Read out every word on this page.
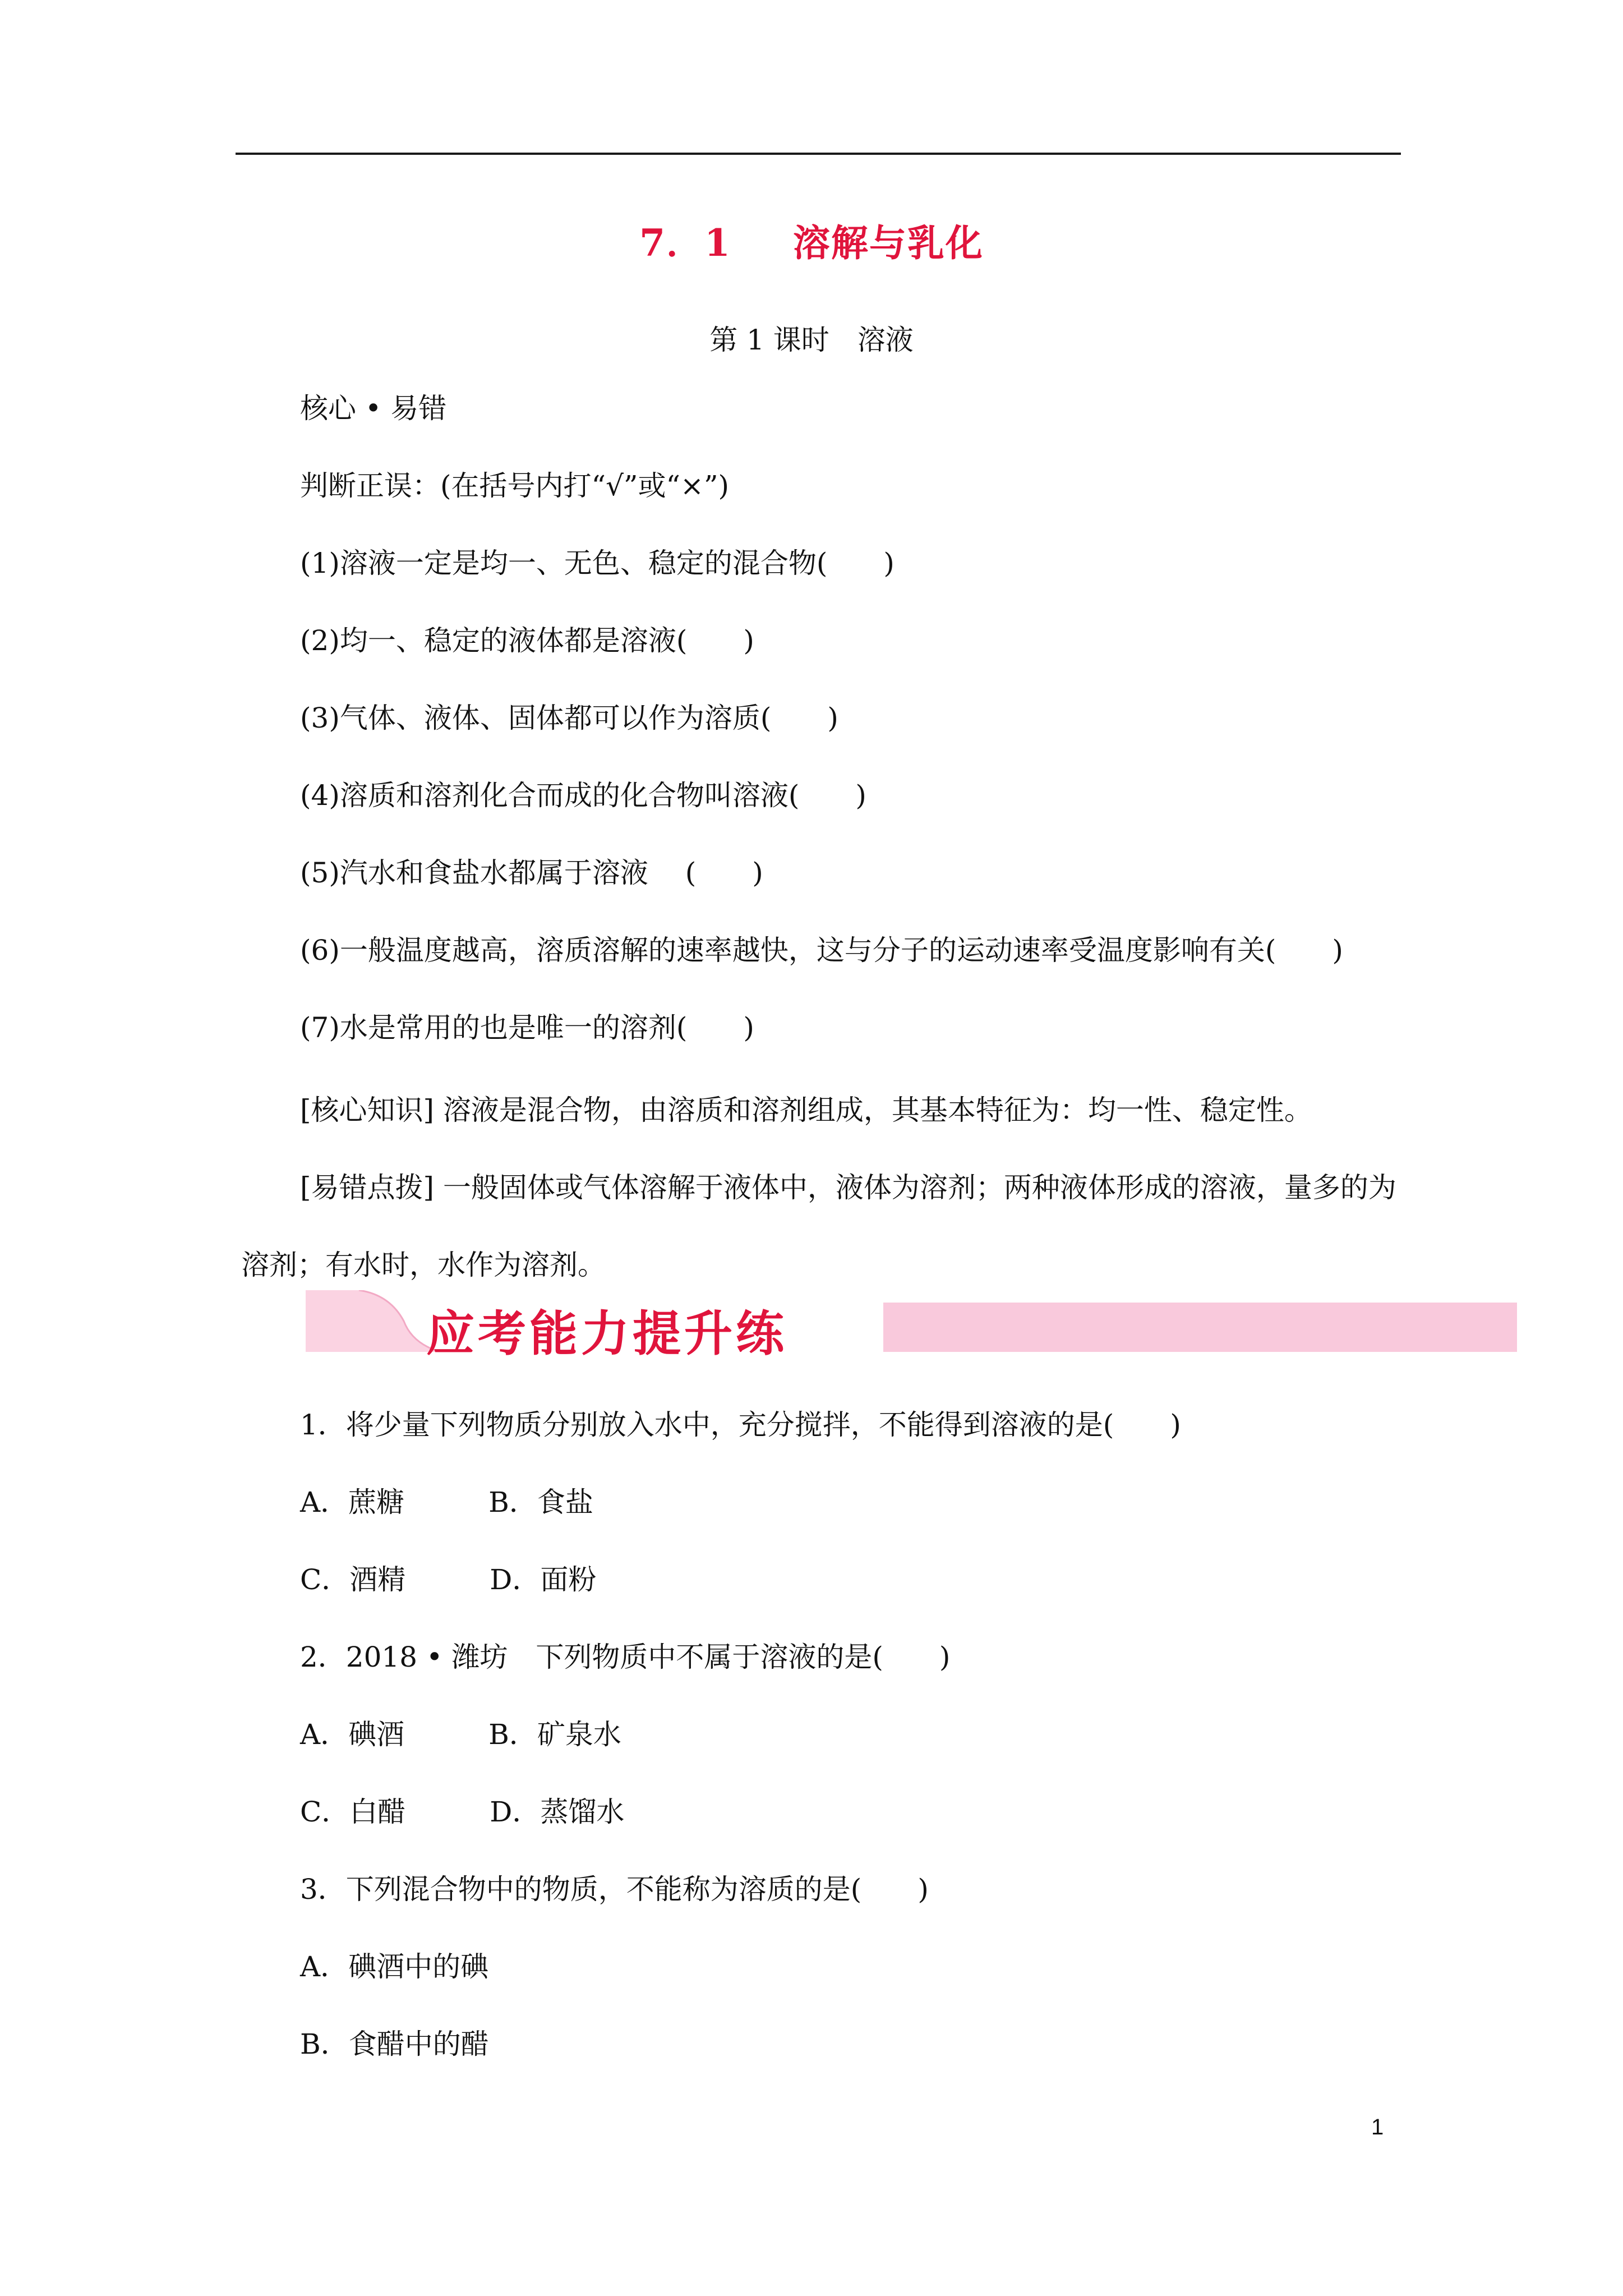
7．1 溶解与乳化
第 1 课时　溶液
核心 • 易错
判断正误：(在括号内打“√”或“×”)
(1)溶液一定是均一、无色、稳定的混合物(　　)
(2)均一、稳定的液体都是溶液(　　)
(3)气体、液体、固体都可以作为溶质(　　)
(4)溶质和溶剂化合而成的化合物叫溶液(　　)
(5)汽水和食盐水都属于溶液　 (　　)
(6)一般温度越高，溶质溶解的速率越快，这与分子的运动速率受温度影响有关(　　)
(7)水是常用的也是唯一的溶剂(　　)

[核心知识] 溶液是混合物，由溶质和溶剂组成，其基本特征为：均一性、稳定性。

[易错点拨] 一般固体或气体溶解于液体中，液体为溶剂；两种液体形成的溶液，量多的为溶剂；有水时，水作为溶剂。

应考能力提升练
1．将少量下列物质分别放入水中，充分搅拌，不能得到溶液的是(　　)
A．蔗糖　　　B．食盐
C．酒精　　　D．面粉
2．2018 • 潍坊　下列物质中不属于溶液的是(　　)
A．碘酒　　　B．矿泉水
C．白醋　　　D．蒸馏水
3．下列混合物中的物质，不能称为溶质的是(　　)
A．碘酒中的碘
B．食醋中的醋
1
